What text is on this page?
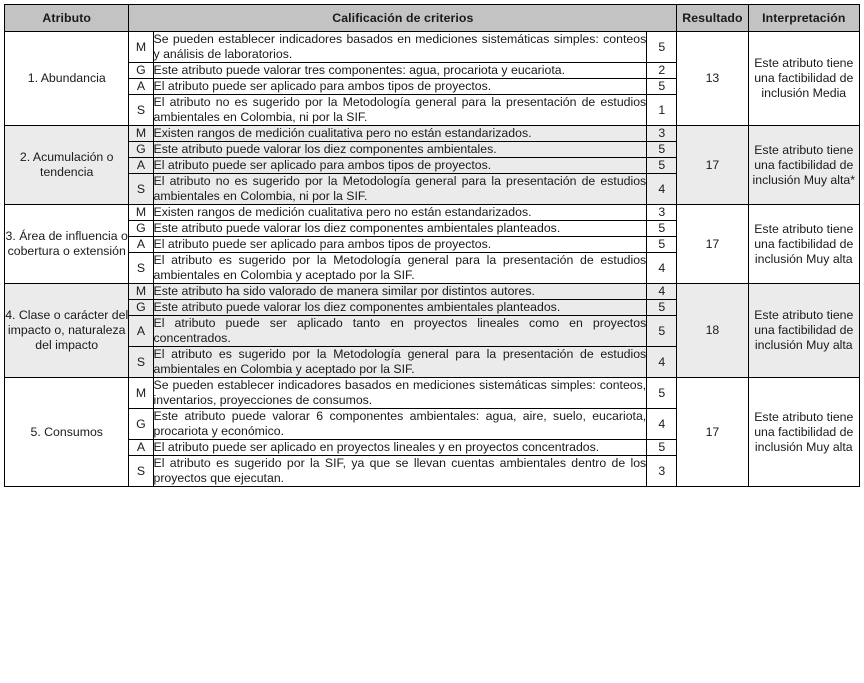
Atributo	Calificación de criterios			Resultado	Interpretación
1. Abundancia	M	Se pueden establecer indicadores basados en mediciones sistemáticas simples: conteos y análisis de laboratorios.	5	13	Este atributo tiene una factibilidad de inclusión Media
	G	Este atributo puede valorar tres componentes: agua, procariota y eucariota.	2		
	A	El atributo puede ser aplicado para ambos tipos de proyectos.	5		
	S	El atributo no es sugerido por la Metodología general para la presentación de estudios ambientales en Colombia, ni por la SIF.	1		
2. Acumulación o tendencia	M	Existen rangos de medición cualitativa pero no están estandarizados.	3	17	Este atributo tiene una factibilidad de inclusión Muy alta*
	G	Este atributo puede valorar los diez componentes ambientales.	5		
	A	El atributo puede ser aplicado para ambos tipos de proyectos.	5		
	S	El atributo no es sugerido por la Metodología general para la presentación de estudios ambientales en Colombia, ni por la SIF.	4		
3. Área de influencia o cobertura o extensión	M	Existen rangos de medición cualitativa pero no están estandarizados.	3	17	Este atributo tiene una factibilidad de inclusión Muy alta
	G	Este atributo puede valorar los diez componentes ambientales planteados.	5		
	A	El atributo puede ser aplicado para ambos tipos de proyectos.	5		
	S	El atributo es sugerido por la Metodología general para la presentación de estudios ambientales en Colombia y aceptado por la SIF.	4		
4. Clase o carácter del impacto o, naturaleza del impacto	M	Este atributo ha sido valorado de manera similar por distintos autores.	4	18	Este atributo tiene una factibilidad de inclusión Muy alta
	G	Este atributo puede valorar los diez componentes ambientales planteados.	5		
	A	El atributo puede ser aplicado tanto en proyectos lineales como en proyectos concentrados.	5		
	S	El atributo es sugerido por la Metodología general para la presentación de estudios ambientales en Colombia y aceptado por la SIF.	4		
5. Consumos	M	Se pueden establecer indicadores basados en mediciones sistemáticas simples: conteos, inventarios, proyecciones de consumos.	5	17	Este atributo tiene una factibilidad de inclusión Muy alta
	G	Este atributo puede valorar 6 componentes ambientales: agua, aire, suelo, eucariota, procariota y económico.	4		
	A	El atributo puede ser aplicado en proyectos lineales y en proyectos concentrados.	5		
	S	El atributo es sugerido por la SIF, ya que se llevan cuentas ambientales dentro de los proyectos que ejecutan.	3		
